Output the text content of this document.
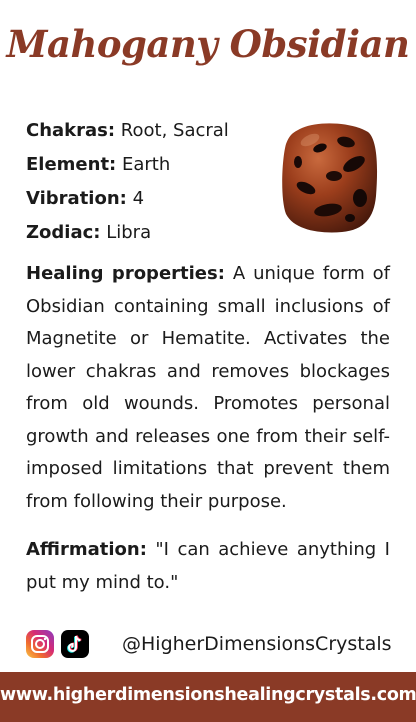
Mahogany Obsidian
Chakras: Root, Sacral
Element: Earth
Vibration: 4
Zodiac: Libra
Healing properties: A unique form of Obsidian containing small inclusions of Magnetite or Hematite. Activates the lower chakras and removes blockages from old wounds. Promotes personal growth and releases one from their self-imposed limitations that prevent them from following their purpose.
Affirmation: "I can achieve anything I put my mind to."
@HigherDimensionsCrystals
www.higherdimensionshealingcrystals.com
